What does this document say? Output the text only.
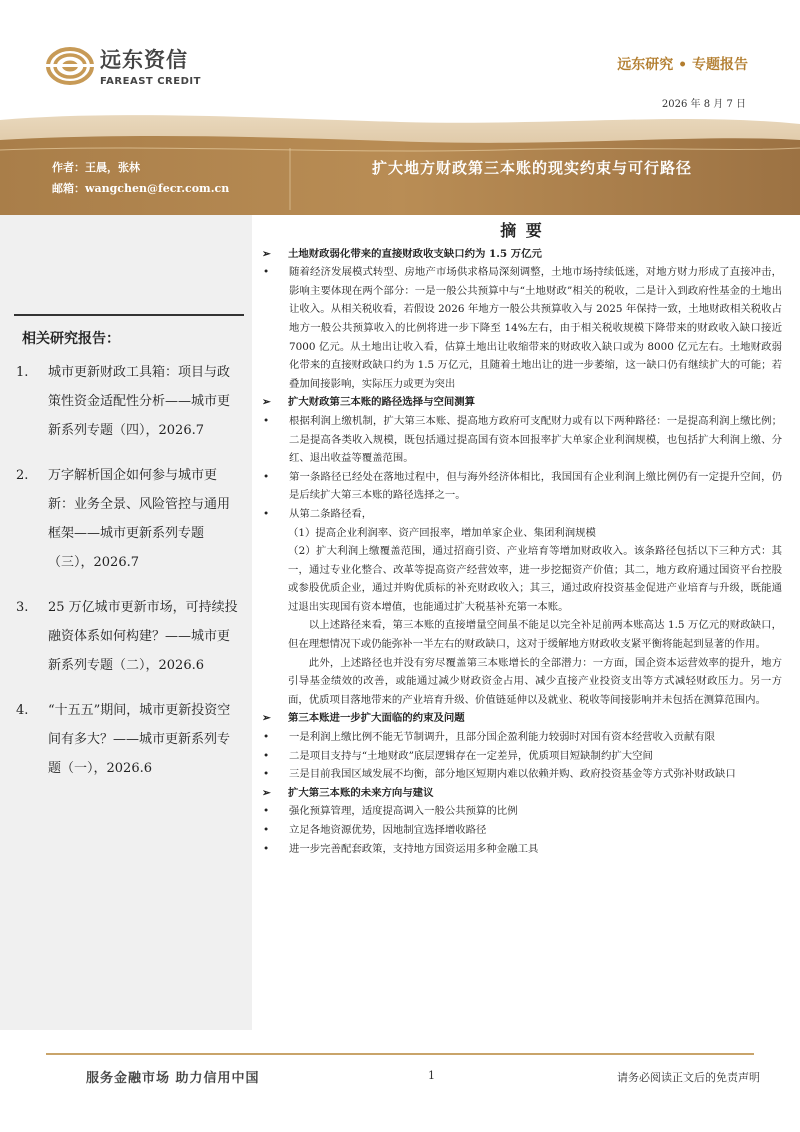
远东资信
FAREAST CREDIT
远东研究 • 专题报告
2026 年 8 月 7 日
作者：王晨，张林
邮箱：wangchen@fecr.com.cn
扩大地方财政第三本账的现实约束与可行路径
相关研究报告：
1.	城市更新财政工具箱：项目与政策性资金适配性分析——城市更新系列专题（四），2026.7
2.	万字解析国企如何参与城市更新：业务全景、风险管控与通用框架——城市更新系列专题（三），2026.7
3.	25 万亿城市更新市场，可持续投融资体系如何构建？——城市更新系列专题（二），2026.6
4.	“十五五”期间，城市更新投资空间有多大？——城市更新系列专题（一），2026.6
摘 要
➢	土地财政弱化带来的直接财政收支缺口约为 1.5 万亿元
•	随着经济发展模式转型、房地产市场供求格局深刻调整，土地市场持续低迷，对地方财力形成了直接冲击，影响主要体现在两个部分：一是一般公共预算中与“土地财政”相关的税收，二是计入到政府性基金的土地出让收入。从相关税收看，若假设 2026 年地方一般公共预算收入与 2025 年保持一致，土地财政相关税收占地方一般公共预算收入的比例将进一步下降至 14%左右，由于相关税收规模下降带来的财政收入缺口接近 7000 亿元。从土地出让收入看，估算土地出让收缩带来的财政收入缺口或为 8000 亿元左右。土地财政弱化带来的直接财政缺口约为 1.5 万亿元，且随着土地出让的进一步萎缩，这一缺口仍有继续扩大的可能；若叠加间接影响，实际压力或更为突出
➢	扩大财政第三本账的路径选择与空间测算
•	根据利润上缴机制，扩大第三本账、提高地方政府可支配财力或有以下两种路径：一是提高利润上缴比例；二是提高各类收入规模，既包括通过提高国有资本回报率扩大单家企业利润规模，也包括扩大利润上缴、分红、退出收益等覆盖范围。
•	第一条路径已经处在落地过程中，但与海外经济体相比，我国国有企业利润上缴比例仍有一定提升空间，仍是后续扩大第三本账的路径选择之一。
•	从第二条路径看，
（1）提高企业利润率、资产回报率，增加单家企业、集团利润规模
（2）扩大利润上缴覆盖范围，通过招商引资、产业培育等增加财政收入。该条路径包括以下三种方式：其一，通过专业化整合、改革等提高资产经营效率，进一步挖掘资产价值；其二，地方政府通过国资平台控股或参股优质企业，通过并购优质标的补充财政收入；其三，通过政府投资基金促进产业培育与升级，既能通过退出实现国有资本增值，也能通过扩大税基补充第一本账。
以上述路径来看，第三本账的直接增量空间虽不能足以完全补足前两本账高达 1.5 万亿元的财政缺口，但在理想情况下或仍能弥补一半左右的财政缺口，这对于缓解地方财政收支紧平衡将能起到显著的作用。
此外，上述路径也并没有穷尽覆盖第三本账增长的全部潜力：一方面，国企资本运营效率的提升，地方引导基金绩效的改善，或能通过减少财政资金占用、减少直接产业投资支出等方式减轻财政压力。另一方面，优质项目落地带来的产业培育升级、价值链延伸以及就业、税收等间接影响并未包括在测算范围内。
➢	第三本账进一步扩大面临的约束及问题
•	一是利润上缴比例不能无节制调升，且部分国企盈利能力较弱时对国有资本经营收入贡献有限
•	二是项目支持与“土地财政”底层逻辑存在一定差异，优质项目短缺制约扩大空间
•	三是目前我国区域发展不均衡，部分地区短期内难以依赖并购、政府投资基金等方式弥补财政缺口
➢	扩大第三本账的未来方向与建议
•	强化预算管理，适度提高调入一般公共预算的比例
•	立足各地资源优势，因地制宜选择增收路径
•	进一步完善配套政策，支持地方国资运用多种金融工具
服务金融市场 助力信用中国	1	请务必阅读正文后的免责声明
